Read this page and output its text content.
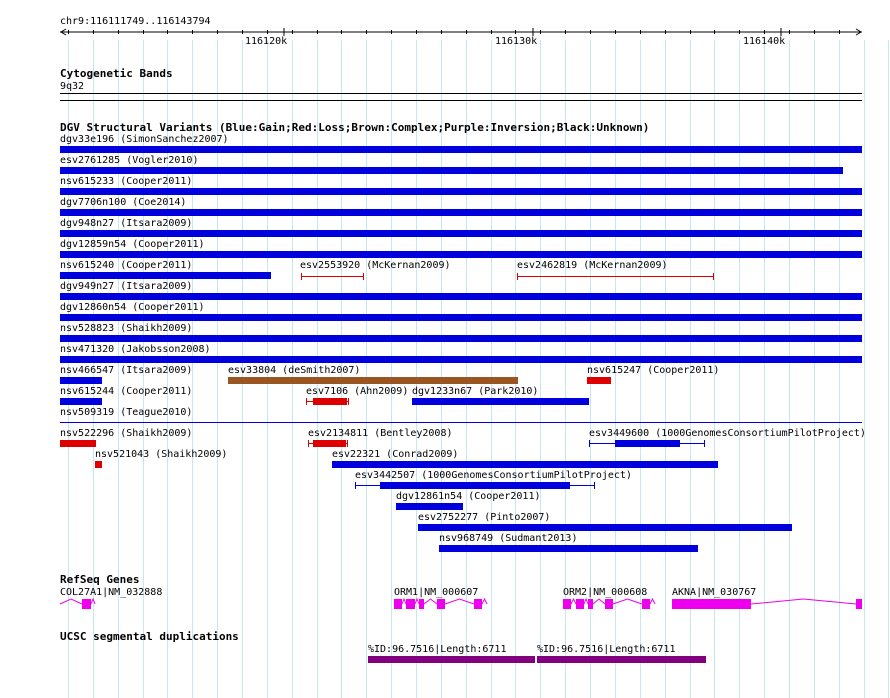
chr9:116111749..116143794
116120k	116130k	116140k
Cytogenetic Bands
9q32
DGV Structural Variants (Blue:Gain;Red:Loss;Brown:Complex;Purple:Inversion;Black:Unknown)
dgv33e196 (SimonSanchez2007)
esv2761285 (Vogler2010)
nsv615233 (Cooper2011)
dgv7706n100 (Coe2014)
dgv948n27 (Itsara2009)
dgv12859n54 (Cooper2011)
nsv615240 (Cooper2011)	esv2553920 (McKernan2009)	esv2462819 (McKernan2009)
dgv949n27 (Itsara2009)
dgv12860n54 (Cooper2011)
nsv528823 (Shaikh2009)
nsv471320 (Jakobsson2008)
nsv466547 (Itsara2009)	esv33804 (deSmith2007)	nsv615247 (Cooper2011)
nsv615244 (Cooper2011)	esv7106 (Ahn2009) dgv1233n67 (Park2010)
nsv509319 (Teague2010)
nsv522296 (Shaikh2009)	esv2134811 (Bentley2008)	esv3449600 (1000GenomesConsortiumPilotProject)
nsv521043 (Shaikh2009)	esv22321 (Conrad2009)
esv3442507 (1000GenomesConsortiumPilotProject)
dgv12861n54 (Cooper2011)
esv2752277 (Pinto2007)
nsv968749 (Sudmant2013)
RefSeq Genes
COL27A1|NM_032888	ORM1|NM_000607	ORM2|NM_000608 AKNA|NM_030767
UCSC segmental duplications
%ID:96.7516|Length:6711	%ID:96.7516|Length:6711
